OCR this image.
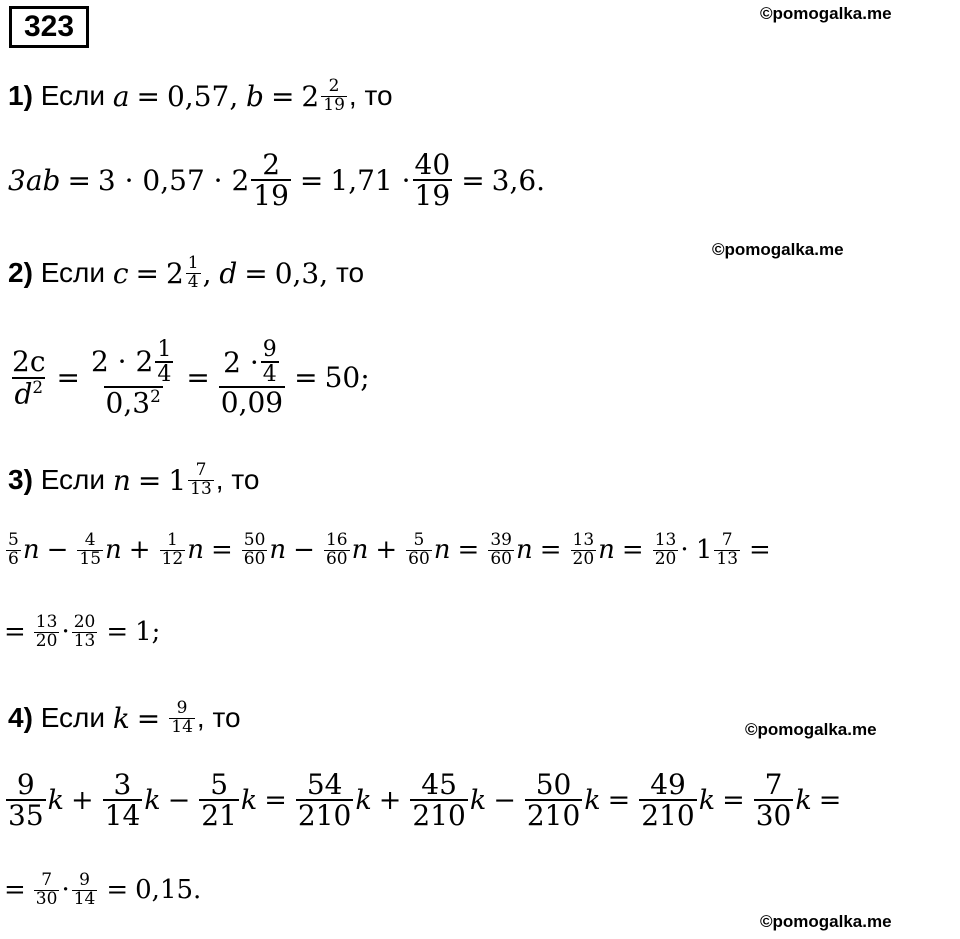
323	©pomogalka.me
©pomogalka.me
©pomogalka.me
1)
Если
a = 0,57,
$b = 2 \frac{2}{19}$ , то
$3ab = 3 \cdot 0,57 \cdot 2 \frac{2}{19} = 1,71 \cdot \frac{40}{19} = 3,6$.
2)
Если
$c = 2 \frac{1}{4}$ ,
d = 0,3,
то
$\frac{2c}{d^2} = \frac{2 \cdot 2 \frac{1}{4}}{0,3^2} = \frac{2 \cdot \frac{9}{4}}{0,09} = 50$;
3)
Если
$n = 1 \frac{7}{13}$ , то
$\frac{5}{6}$ $n - \frac{4}{15}$ $n + \frac{1}{12}$ $n = \frac{50}{60}$ $n - \frac{16}{60}$ $n + \frac{5}{60}$ $n = \frac{39}{60}$ $n = \frac{13}{20}$ $n = \frac{13}{20}$ ·
$1 \frac{7}{13}$ =
= $\frac{13}{20} \cdot \frac{20}{13} = 1$;
4)
Если
$k = \frac{9}{14}$ , то
$\frac{9}{35}$ $k + \frac{3}{14}$ $k - \frac{5}{21}$ $k = \frac{54}{210}$ $k + \frac{45}{210}$ $k - \frac{50}{210}$ $k = \frac{49}{210}$ $k = \frac{7}{30}$ k =
= $\frac{7}{30} \cdot \frac{9}{14} = 0,15$.
©pomogalka.me
